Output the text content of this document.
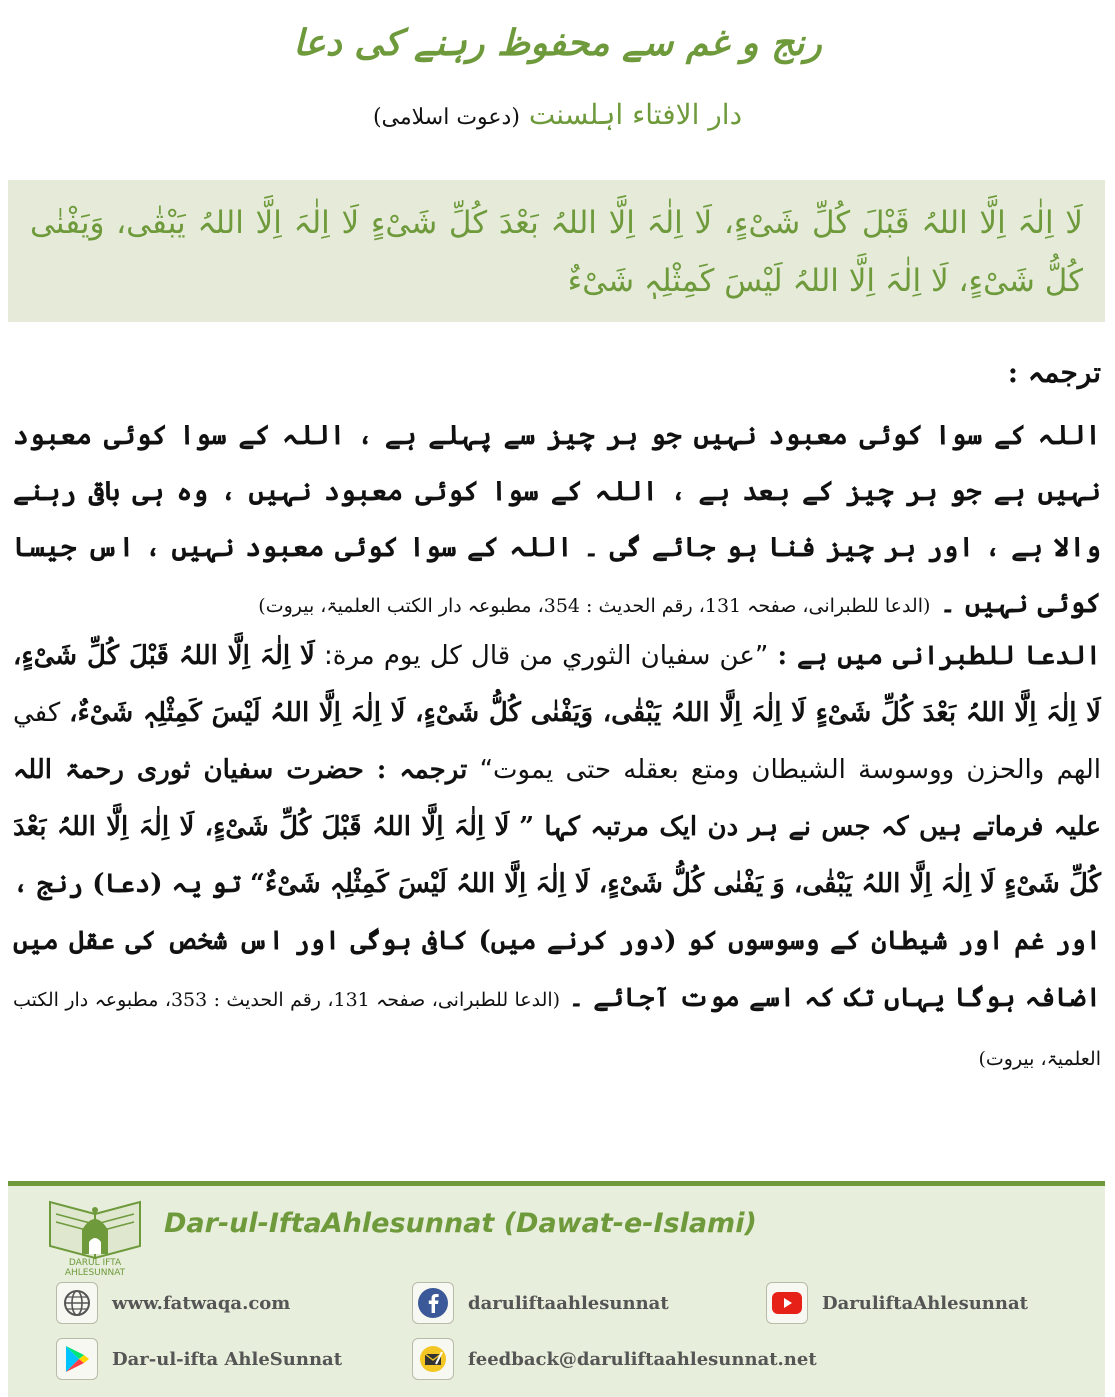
رنج و غم سے محفوظ رہنے کی دعا
دار الافتاء اہلسنت (دعوت اسلامی)
لَا اِلٰہَ اِلَّا اللہُ قَبْلَ کُلِّ شَیْءٍ، لَا اِلٰہَ اِلَّا اللہُ بَعْدَ کُلِّ شَیْءٍ لَا اِلٰہَ اِلَّا اللہُ یَبْقٰی، وَیَفْنٰی کُلُّ شَیْءٍ، لَا اِلٰہَ اِلَّا اللہُ لَیْسَ کَمِثْلِہٖ شَیْءٌ
ترجمہ :
اللہ کے سوا کوئی معبود نہیں جو ہر چیز سے پہلے ہے ، اللہ کے سوا کوئی معبود نہیں ہے جو ہر چیز کے بعد ہے ، اللہ کے سوا کوئی معبود نہیں ، وہ ہی باقی رہنے والا ہے ، اور ہر چیز فنا ہو جائے گی ۔ اللہ کے سوا کوئی معبود نہیں ، اس جیسا کوئی نہیں ۔ (الدعا للطبرانی، صفحہ 131، رقم الحدیث : 354، مطبوعہ دار الکتب العلمیۃ، بیروت)
الدعا للطبرانی میں ہے : ”عن سفيان الثوري من قال كل يوم مرة: لَا اِلٰہَ اِلَّا اللہُ قَبْلَ کُلِّ شَیْءٍ، لَا اِلٰہَ اِلَّا اللہُ بَعْدَ کُلِّ شَیْءٍ لَا اِلٰہَ اِلَّا اللہُ یَبْقٰی، وَیَفْنٰی کُلُّ شَیْءٍ، لَا اِلٰہَ اِلَّا اللہُ لَیْسَ کَمِثْلِہٖ شَیْءٌ، كفي الهم والحزن ووسوسة الشيطان ومتع بعقله حتى يموت“ ترجمہ : حضرت سفیان ثوری رحمۃ اللہ علیہ فرماتے ہیں کہ جس نے ہر دن ایک مرتبہ کہا ” لَا اِلٰہَ اِلَّا اللہُ قَبْلَ کُلِّ شَیْءٍ، لَا اِلٰہَ اِلَّا اللہُ بَعْدَ کُلِّ شَیْءٍ لَا اِلٰہَ اِلَّا اللہُ یَبْقٰی، وَ یَفْنٰی کُلُّ شَیْءٍ، لَا اِلٰہَ اِلَّا اللہُ لَیْسَ کَمِثْلِہٖ شَیْءٌ“ تو یہ (دعا) رنج ، اور غم اور شیطان کے وسوسوں کو (دور کرنے میں) کافی ہوگی اور اس شخص کی عقل میں اضافہ ہوگا یہاں تک کہ اسے موت آجائے ۔ (الدعا للطبرانی، صفحہ 131، رقم الحدیث : 353، مطبوعہ دار الکتب العلمیۃ، بیروت)
DARUL IFTA AHLESUNNAT
Dar-ul-IftaAhlesunnat (Dawat-e-Islami)
www.fatwaqa.com	daruliftaahlesunnat	DaruliftaAhlesunnat
Dar-ul-ifta AhleSunnat	feedback@daruliftaahlesunnat.net
